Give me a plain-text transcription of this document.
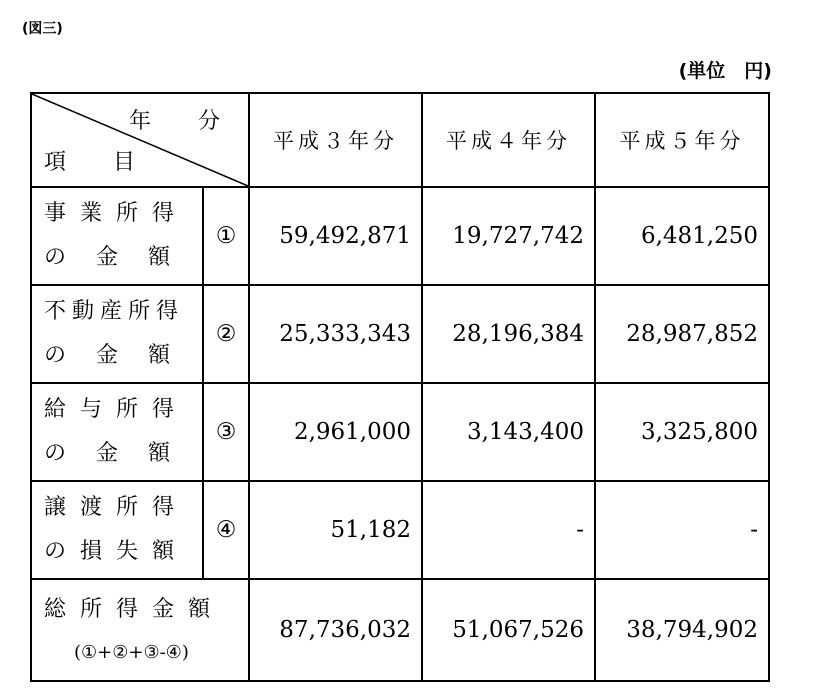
(図三)
(単位　円)
年 分
項 目		平成３年分	平成４年分	平成５年分

事業所得
の金額	①	59,492,871	19,727,742	6,481,250

不動産所得
の金額	②	25,333,343	28,196,384	28,987,852

給与所得
の金額	③	2,961,000	3,143,400	3,325,800

譲渡所得
の損失額	④	51,182	-	-

総所得金額
(①+②+③-④)		87,736,032	51,067,526	38,794,902
